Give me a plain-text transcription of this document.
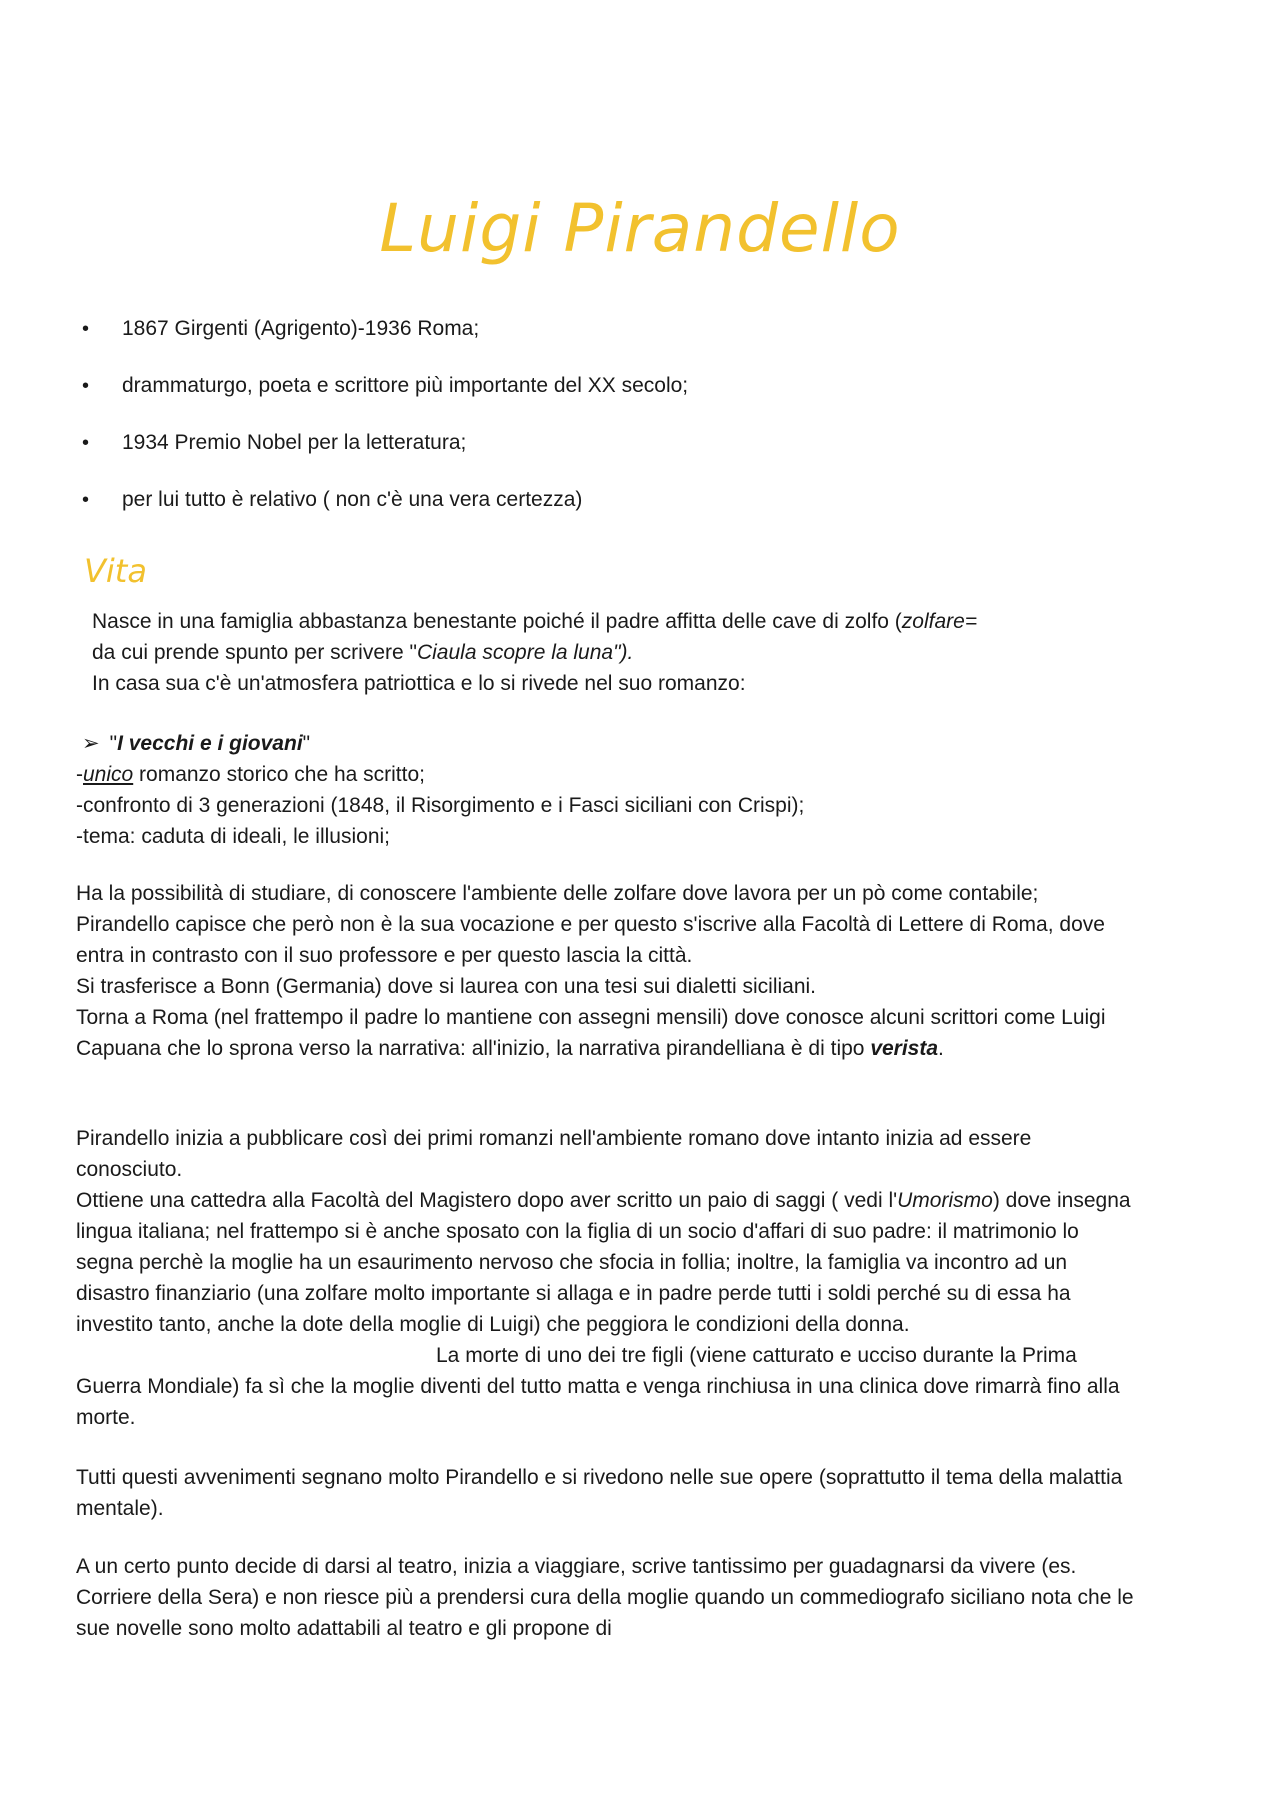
Luigi Pirandello
• 1867 Girgenti (Agrigento)-1936 Roma;
• drammaturgo, poeta e scrittore più importante del XX secolo;
• 1934 Premio Nobel per la letteratura;
• per lui tutto è relativo ( non c'è una vera certezza)
Vita
Nasce in una famiglia abbastanza benestante poiché il padre affitta delle cave di zolfo (zolfare=
da cui prende spunto per scrivere "Ciaula scopre la luna").
In casa sua c'è un'atmosfera patriottica e lo si rivede nel suo romanzo:
➢ "I vecchi e i giovani"
-unico romanzo storico che ha scritto;
-confronto di 3 generazioni (1848, il Risorgimento e i Fasci siciliani con Crispi);
-tema: caduta di ideali, le illusioni;
Ha la possibilità di studiare, di conoscere l'ambiente delle zolfare dove lavora per un pò come contabile; Pirandello capisce che però non è la sua vocazione e per questo s'iscrive alla Facoltà di Lettere di Roma, dove entra in contrasto con il suo professore e per questo lascia la città.
Si trasferisce a Bonn (Germania) dove si laurea con una tesi sui dialetti siciliani.
Torna a Roma (nel frattempo il padre lo mantiene con assegni mensili) dove conosce alcuni scrittori come Luigi Capuana che lo sprona verso la narrativa: all'inizio, la narrativa pirandelliana è di tipo verista.
Pirandello inizia a pubblicare così dei primi romanzi nell'ambiente romano dove intanto inizia ad essere conosciuto.
Ottiene una cattedra alla Facoltà del Magistero dopo aver scritto un paio di saggi ( vedi l'Umorismo) dove insegna lingua italiana; nel frattempo si è anche sposato con la figlia di un socio d'affari di suo padre: il matrimonio lo segna perchè la moglie ha un esaurimento nervoso che sfocia in follia; inoltre, la famiglia va incontro ad un disastro finanziario (una zolfare molto importante si allaga e in padre perde tutti i soldi perché su di essa ha investito tanto, anche la dote della moglie di Luigi) che peggiora le condizioni della donna.La morte di uno dei tre figli (viene catturato e ucciso durante la Prima Guerra Mondiale) fa sì che la moglie diventi del tutto matta e venga rinchiusa in una clinica dove rimarrà fino alla morte.
Tutti questi avvenimenti segnano molto Pirandello e si rivedono nelle sue opere (soprattutto il tema della malattia mentale).
A un certo punto decide di darsi al teatro, inizia a viaggiare, scrive tantissimo per guadagnarsi da vivere (es. Corriere della Sera) e non riesce più a prendersi cura della moglie quando un commediografo siciliano nota che le sue novelle sono molto adattabili al teatro e gli propone di
